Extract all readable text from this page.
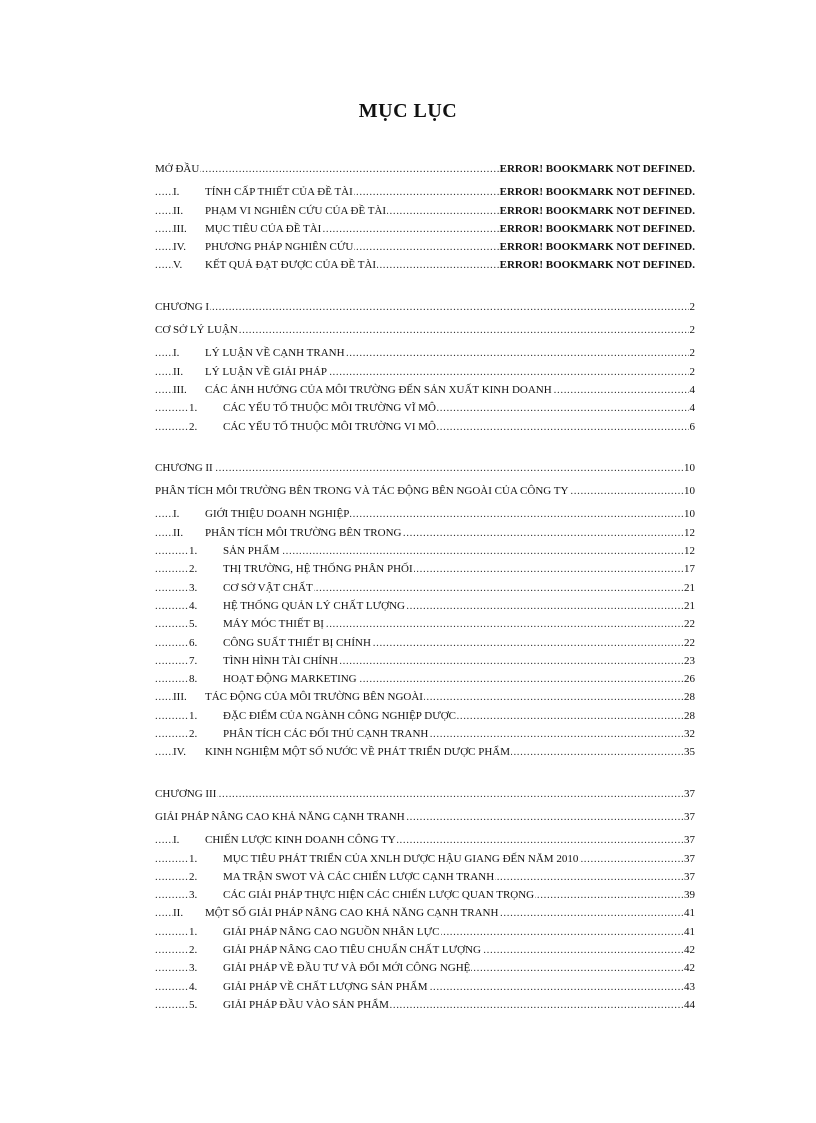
MỤC LỤC
.....
MỞ ĐẦU	ERROR! BOOKMARK NOT DEFINED.
.....
I. TÍNH CẤP THIẾT CỦA ĐỀ TÀI	ERROR! BOOKMARK NOT DEFINED.
.....
II. PHẠM VI NGHIÊN CỨU CỦA ĐỀ TÀI	ERROR! BOOKMARK NOT DEFINED.
.....
III. MỤC TIÊU CỦA ĐỀ TÀI	ERROR! BOOKMARK NOT DEFINED.
.....
IV. PHƯƠNG PHÁP NGHIÊN CỨU	ERROR! BOOKMARK NOT DEFINED.
.....
V. KẾT QUẢ ĐẠT ĐƯỢC CỦA ĐỀ TÀI	ERROR! BOOKMARK NOT DEFINED.
.....
CHƯƠNG I	2
.....
CƠ SỞ LÝ LUẬN	2
.....
I. LÝ LUẬN VỀ CẠNH TRANH	2
.....
II. LÝ LUẬN VỀ GIẢI PHÁP	2
.....
III. CÁC ẢNH HƯỞNG CỦA MÔI TRƯỜNG ĐẾN SẢN XUẤT KINH DOANH	4
.....
1. CÁC YẾU TỐ THUỘC MÔI TRƯỜNG VĨ MÔ	4
.....
2. CÁC YẾU TỐ THUỘC MÔI TRƯỜNG VI MÔ	6
.....
CHƯƠNG II	10
.....
PHÂN TÍCH MÔI TRƯỜNG BÊN TRONG VÀ TÁC ĐỘNG BÊN NGOÀI CỦA CÔNG TY	10
.....
I. GIỚI THIỆU DOANH NGHIỆP	10
.....
II. PHÂN TÍCH MÔI TRƯỜNG BÊN TRONG	12
.....
1. SẢN PHẨM	12
.....
2. THỊ TRƯỜNG, HỆ THỐNG PHÂN PHỐI	17
.....
3. CƠ SỞ VẬT CHẤT	21
.....
4. HỆ THỐNG QUẢN LÝ CHẤT LƯỢNG	21
.....
5. MÁY MÓC THIẾT BỊ	22
.....
6. CÔNG SUẤT THIẾT BỊ CHÍNH	22
.....
7. TÌNH HÌNH TÀI CHÍNH	23
.....
8. HOẠT ĐỘNG MARKETING	26
.....
III. TÁC ĐỘNG CỦA MÔI TRƯỜNG BÊN NGOÀI	28
.....
1. ĐẶC ĐIỂM CỦA NGÀNH CÔNG NGHIỆP DƯỢC	28
.....
2. PHÂN TÍCH CÁC ĐỐI THỦ CẠNH TRANH	32
.....
IV. KINH NGHIỆM MỘT SỐ NƯỚC VỀ PHÁT TRIỂN DƯỢC PHẨM	35
.....
CHƯƠNG III	37
.....
GIẢI PHÁP NÂNG CAO KHẢ NĂNG CẠNH TRANH	37
.....
I. CHIẾN LƯỢC KINH DOANH CÔNG TY	37
.....
1. MỤC TIÊU PHÁT TRIỂN CỦA XNLH DƯỢC HẬU GIANG ĐẾN NĂM 2010	37
.....
2. MA TRẬN SWOT VÀ CÁC CHIẾN LƯỢC CẠNH TRANH	37
.....
3. CÁC GIẢI PHÁP THỰC HIỆN CÁC CHIẾN LƯỢC QUAN TRỌNG	39
.....
II. MỘT SỐ GIẢI PHÁP NÂNG CAO KHẢ NĂNG CẠNH TRANH	41
.....
1. GIẢI PHÁP NÂNG CAO NGUỒN NHÂN LỰC	41
.....
2. GIẢI PHÁP NÂNG CAO TIÊU CHUẨN CHẤT LƯỢNG	42
.....
3. GIẢI PHÁP VỀ ĐẦU TƯ VÀ ĐỔI MỚI CÔNG NGHỆ	42
.....
4. GIẢI PHÁP VỀ CHẤT LƯỢNG SẢN PHẨM	43
.....
5. GIẢI PHÁP ĐẦU VÀO SẢN PHẨM	44
